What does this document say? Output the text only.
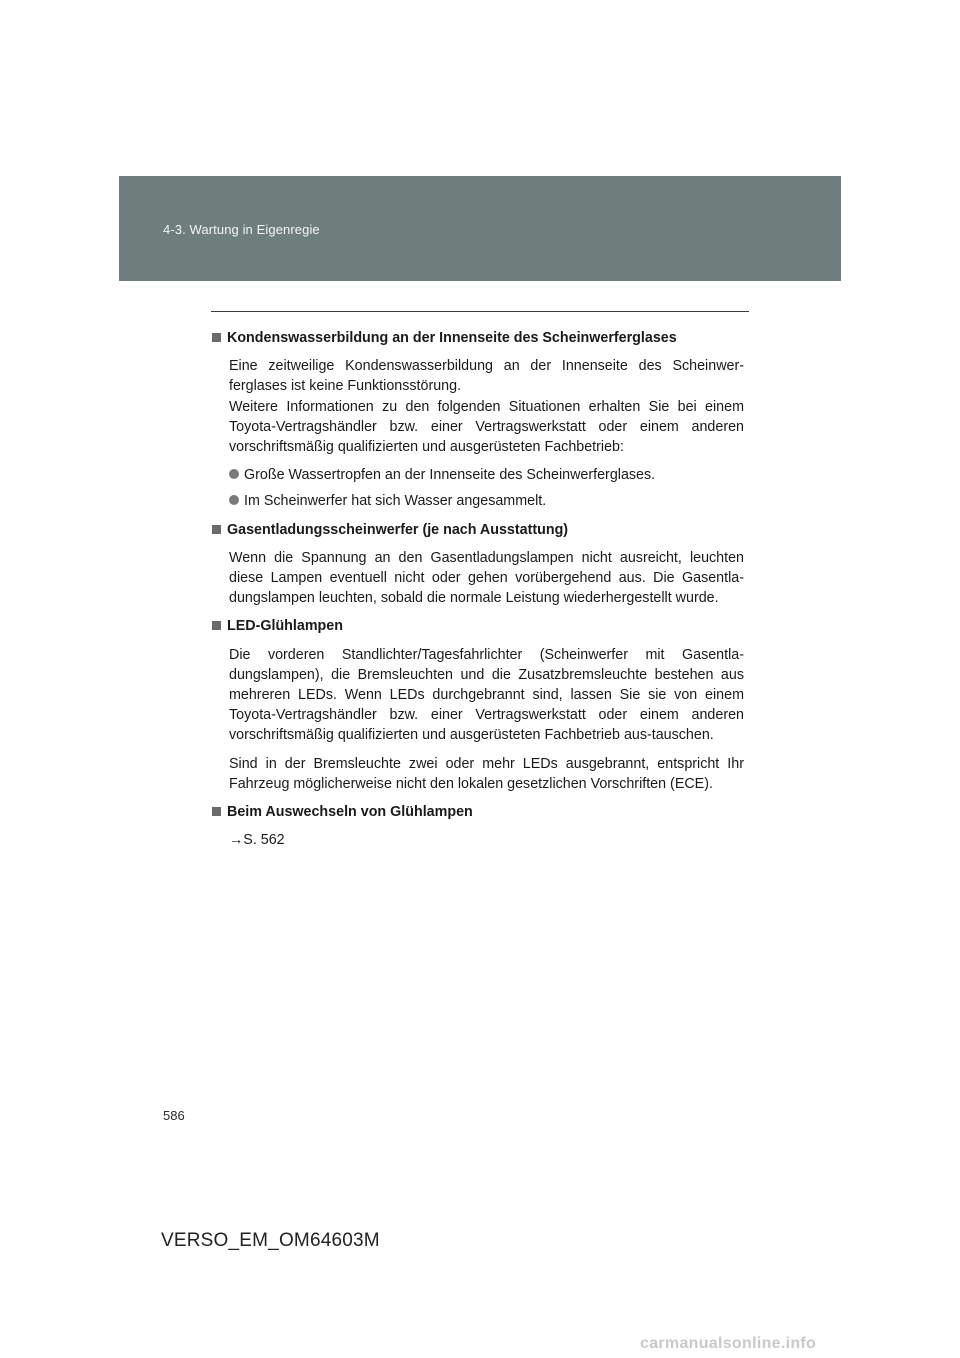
4-3. Wartung in Eigenregie
Kondenswasserbildung an der Innenseite des Scheinwerferglases
Eine zeitweilige Kondenswasserbildung an der Innenseite des Scheinwer-ferglases ist keine Funktionsstörung.
Weitere Informationen zu den folgenden Situationen erhalten Sie bei einem Toyota-Vertragshändler bzw. einer Vertragswerkstatt oder einem anderen vorschriftsmäßig qualifizierten und ausgerüsteten Fachbetrieb:
Große Wassertropfen an der Innenseite des Scheinwerferglases.
Im Scheinwerfer hat sich Wasser angesammelt.
Gasentladungsscheinwerfer (je nach Ausstattung)
Wenn die Spannung an den Gasentladungslampen nicht ausreicht, leuchten diese Lampen eventuell nicht oder gehen vorübergehend aus. Die Gasentla-dungslampen leuchten, sobald die normale Leistung wiederhergestellt wurde.
LED-Glühlampen
Die vorderen Standlichter/Tagesfahrlichter (Scheinwerfer mit Gasentla-dungslampen), die Bremsleuchten und die Zusatzbremsleuchte bestehen aus mehreren LEDs. Wenn LEDs durchgebrannt sind, lassen Sie sie von einem Toyota-Vertragshändler bzw. einer Vertragswerkstatt oder einem anderen vorschriftsmäßig qualifizierten und ausgerüsteten Fachbetrieb aus-tauschen.
Sind in der Bremsleuchte zwei oder mehr LEDs ausgebrannt, entspricht Ihr Fahrzeug möglicherweise nicht den lokalen gesetzlichen Vorschriften (ECE).
Beim Auswechseln von Glühlampen
→S. 562
586
VERSO_EM_OM64603M
carmanualsonline.info
